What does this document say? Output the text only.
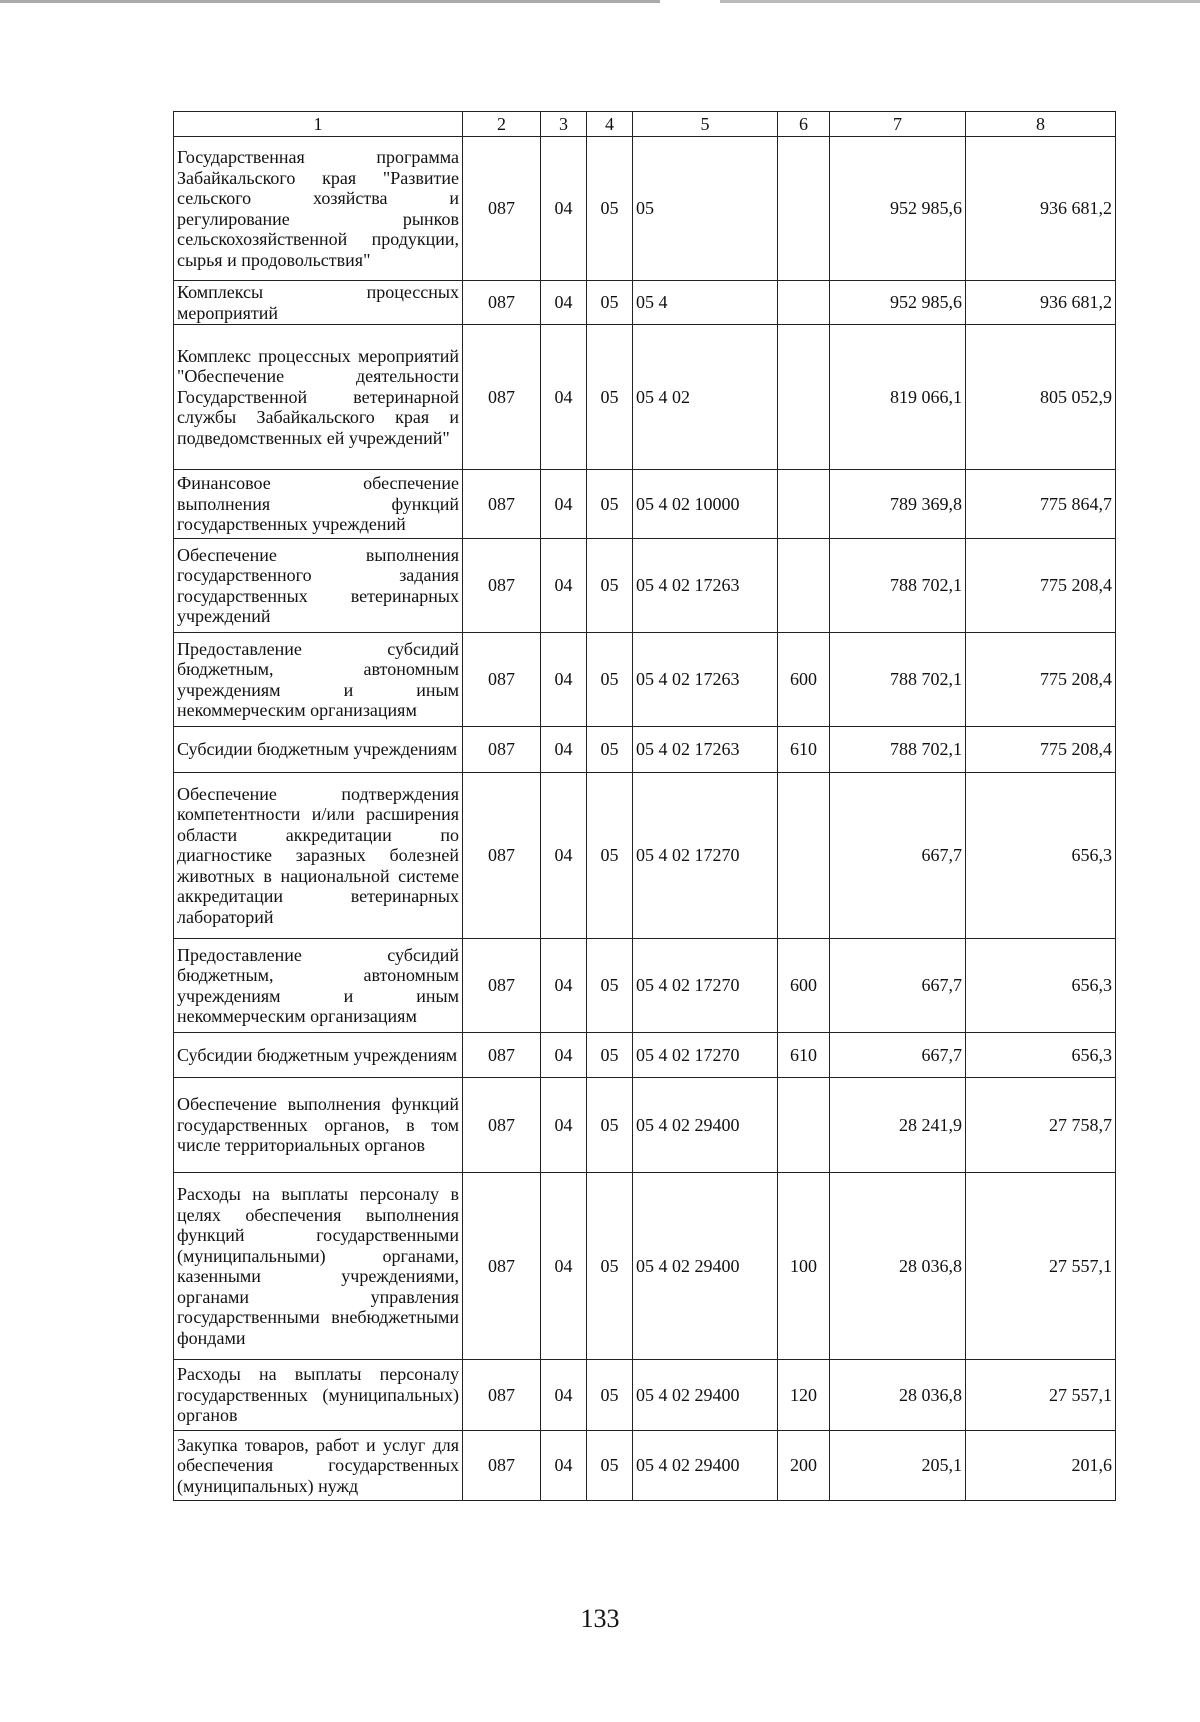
1	2	3	4	5	6	7	8
Государственная программа Забайкальского края "Развитие сельского хозяйства и регулирование рынков сельскохозяйственной продукции, сырья и продовольствия"	087	04	05	05		952 985,6	936 681,2
Комплексы процессных мероприятий	087	04	05	05 4		952 985,6	936 681,2
Комплекс процессных мероприятий "Обеспечение деятельности Государственной ветеринарной службы Забайкальского края и подведомственных ей учреждений"	087	04	05	05 4 02		819 066,1	805 052,9
Финансовое обеспечение выполнения функций государственных учреждений	087	04	05	05 4 02 10000		789 369,8	775 864,7
Обеспечение выполнения государственного задания государственных ветеринарных учреждений	087	04	05	05 4 02 17263		788 702,1	775 208,4
Предоставление субсидий бюджетным, автономным учреждениям и иным некоммерческим организациям	087	04	05	05 4 02 17263	600	788 702,1	775 208,4
Субсидии бюджетным учреждениям	087	04	05	05 4 02 17263	610	788 702,1	775 208,4
Обеспечение подтверждения компетентности и/или расширения области аккредитации по диагностике заразных болезней животных в национальной системе аккредитации ветеринарных лабораторий	087	04	05	05 4 02 17270		667,7	656,3
Предоставление субсидий бюджетным, автономным учреждениям и иным некоммерческим организациям	087	04	05	05 4 02 17270	600	667,7	656,3
Субсидии бюджетным учреждениям	087	04	05	05 4 02 17270	610	667,7	656,3
Обеспечение выполнения функций государственных органов, в том числе территориальных органов	087	04	05	05 4 02 29400		28 241,9	27 758,7
Расходы на выплаты персоналу в целях обеспечения выполнения функций государственными (муниципальными) органами, казенными учреждениями, органами управления государственными внебюджетными фондами	087	04	05	05 4 02 29400	100	28 036,8	27 557,1
Расходы на выплаты персоналу государственных (муниципальных) органов	087	04	05	05 4 02 29400	120	28 036,8	27 557,1
Закупка товаров, работ и услуг для обеспечения государственных (муниципальных) нужд	087	04	05	05 4 02 29400	200	205,1	201,6
133
